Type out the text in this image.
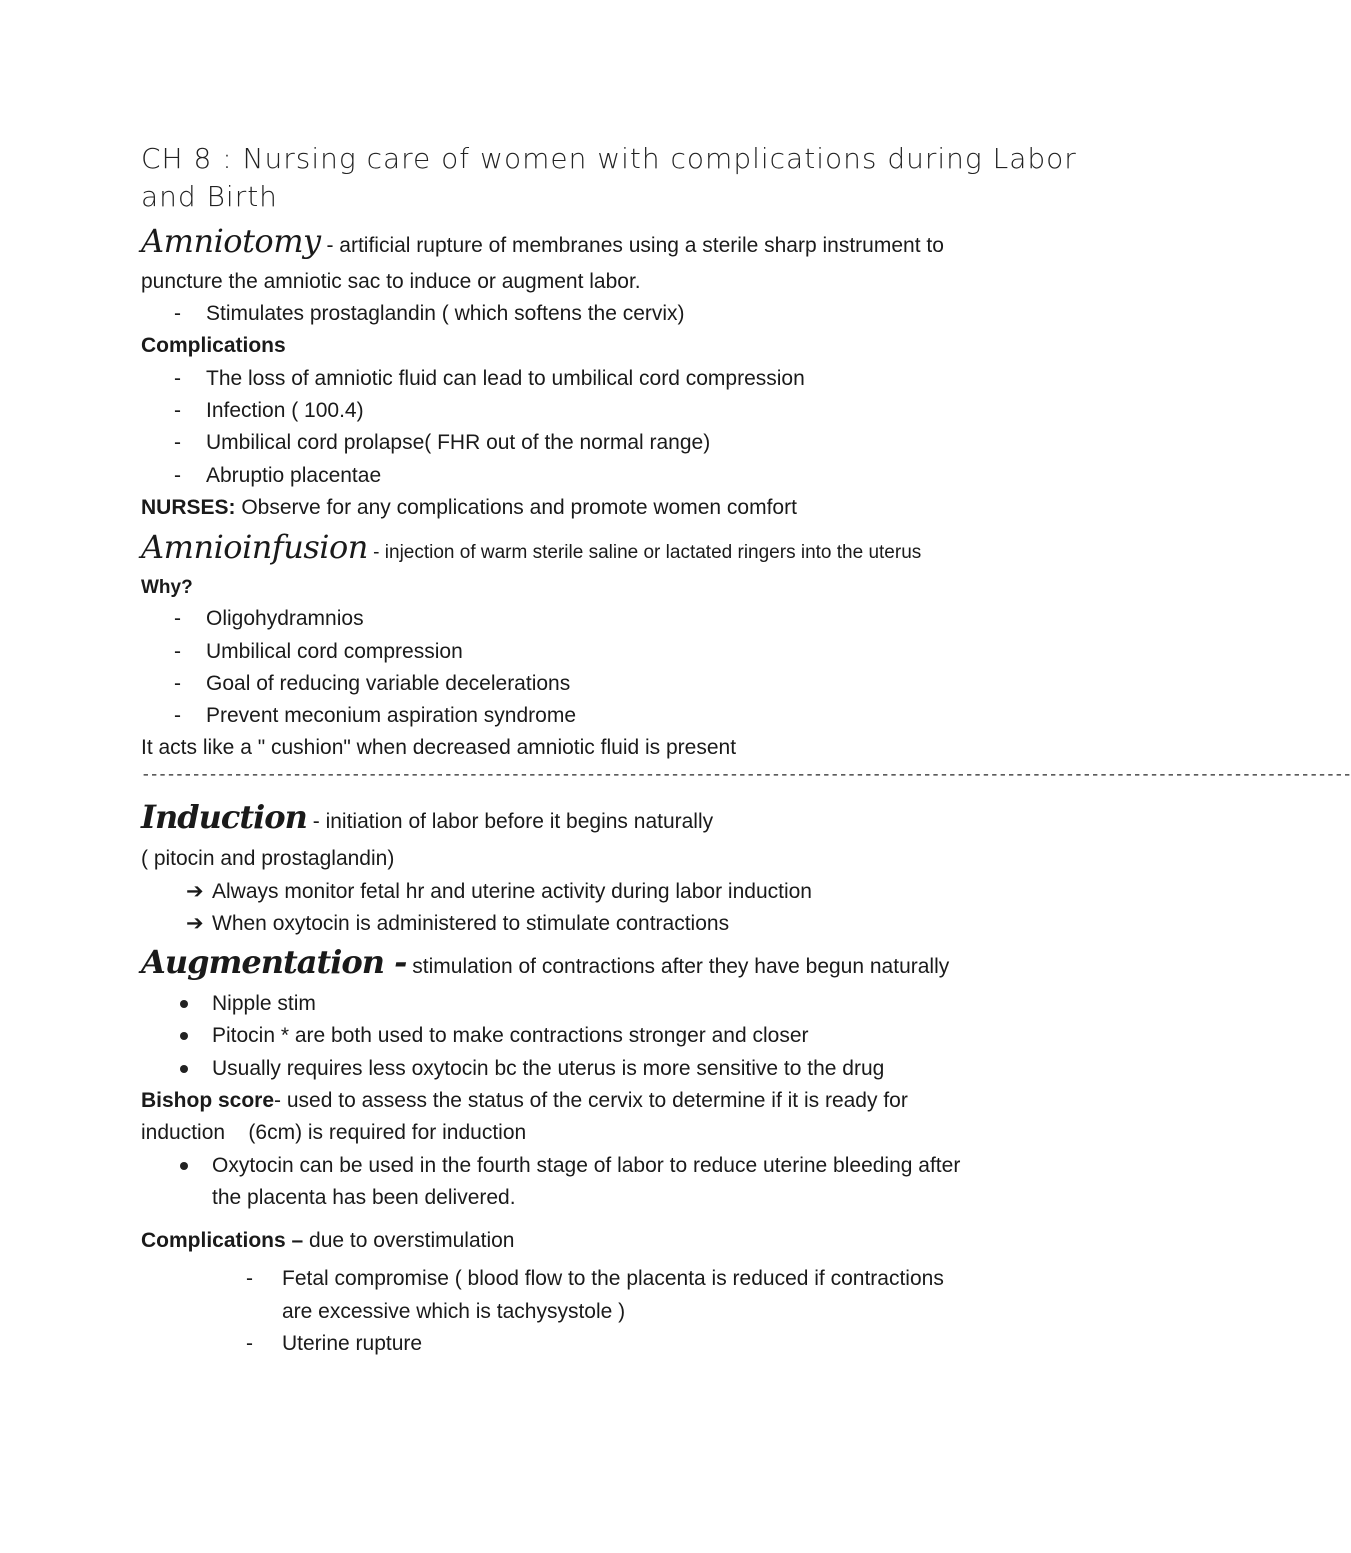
CH 8 : Nursing care of women with complications during Labor and Birth
Amniotomy - artificial rupture of membranes using a sterile sharp instrument to
puncture the amniotic sac to induce or augment labor.
- Stimulates prostaglandin ( which softens the cervix)
Complications
- The loss of amniotic fluid can lead to umbilical cord compression
- Infection ( 100.4)
- Umbilical cord prolapse( FHR out of the normal range)
- Abruptio placentae
NURSES: Observe for any complications and promote women comfort
Amnioinfusion - injection of warm sterile saline or lactated ringers into the uterus
Why?
- Oligohydramnios
- Umbilical cord compression
- Goal of reducing variable decelerations
- Prevent meconium aspiration syndrome
It acts like a " cushion" when decreased amniotic fluid is present
------------------------------------------------------------------------------------------------------------------------------------------------
Induction - initiation of labor before it begins naturally
( pitocin and prostaglandin)
➔ Always monitor fetal hr and uterine activity during labor induction
➔ When oxytocin is administered to stimulate contractions
Augmentation - stimulation of contractions after they have begun naturally
Nipple stim
Pitocin * are both used to make contractions stronger and closer
Usually requires less oxytocin bc the uterus is more sensitive to the drug
Bishop score- used to assess the status of the cervix to determine if it is ready for
induction    (6cm) is required for induction
Oxytocin can be used in the fourth stage of labor to reduce uterine bleeding after
the placenta has been delivered.
Complications – due to overstimulation
- Fetal compromise ( blood flow to the placenta is reduced if contractions
are excessive which is tachysystole )
- Uterine rupture
